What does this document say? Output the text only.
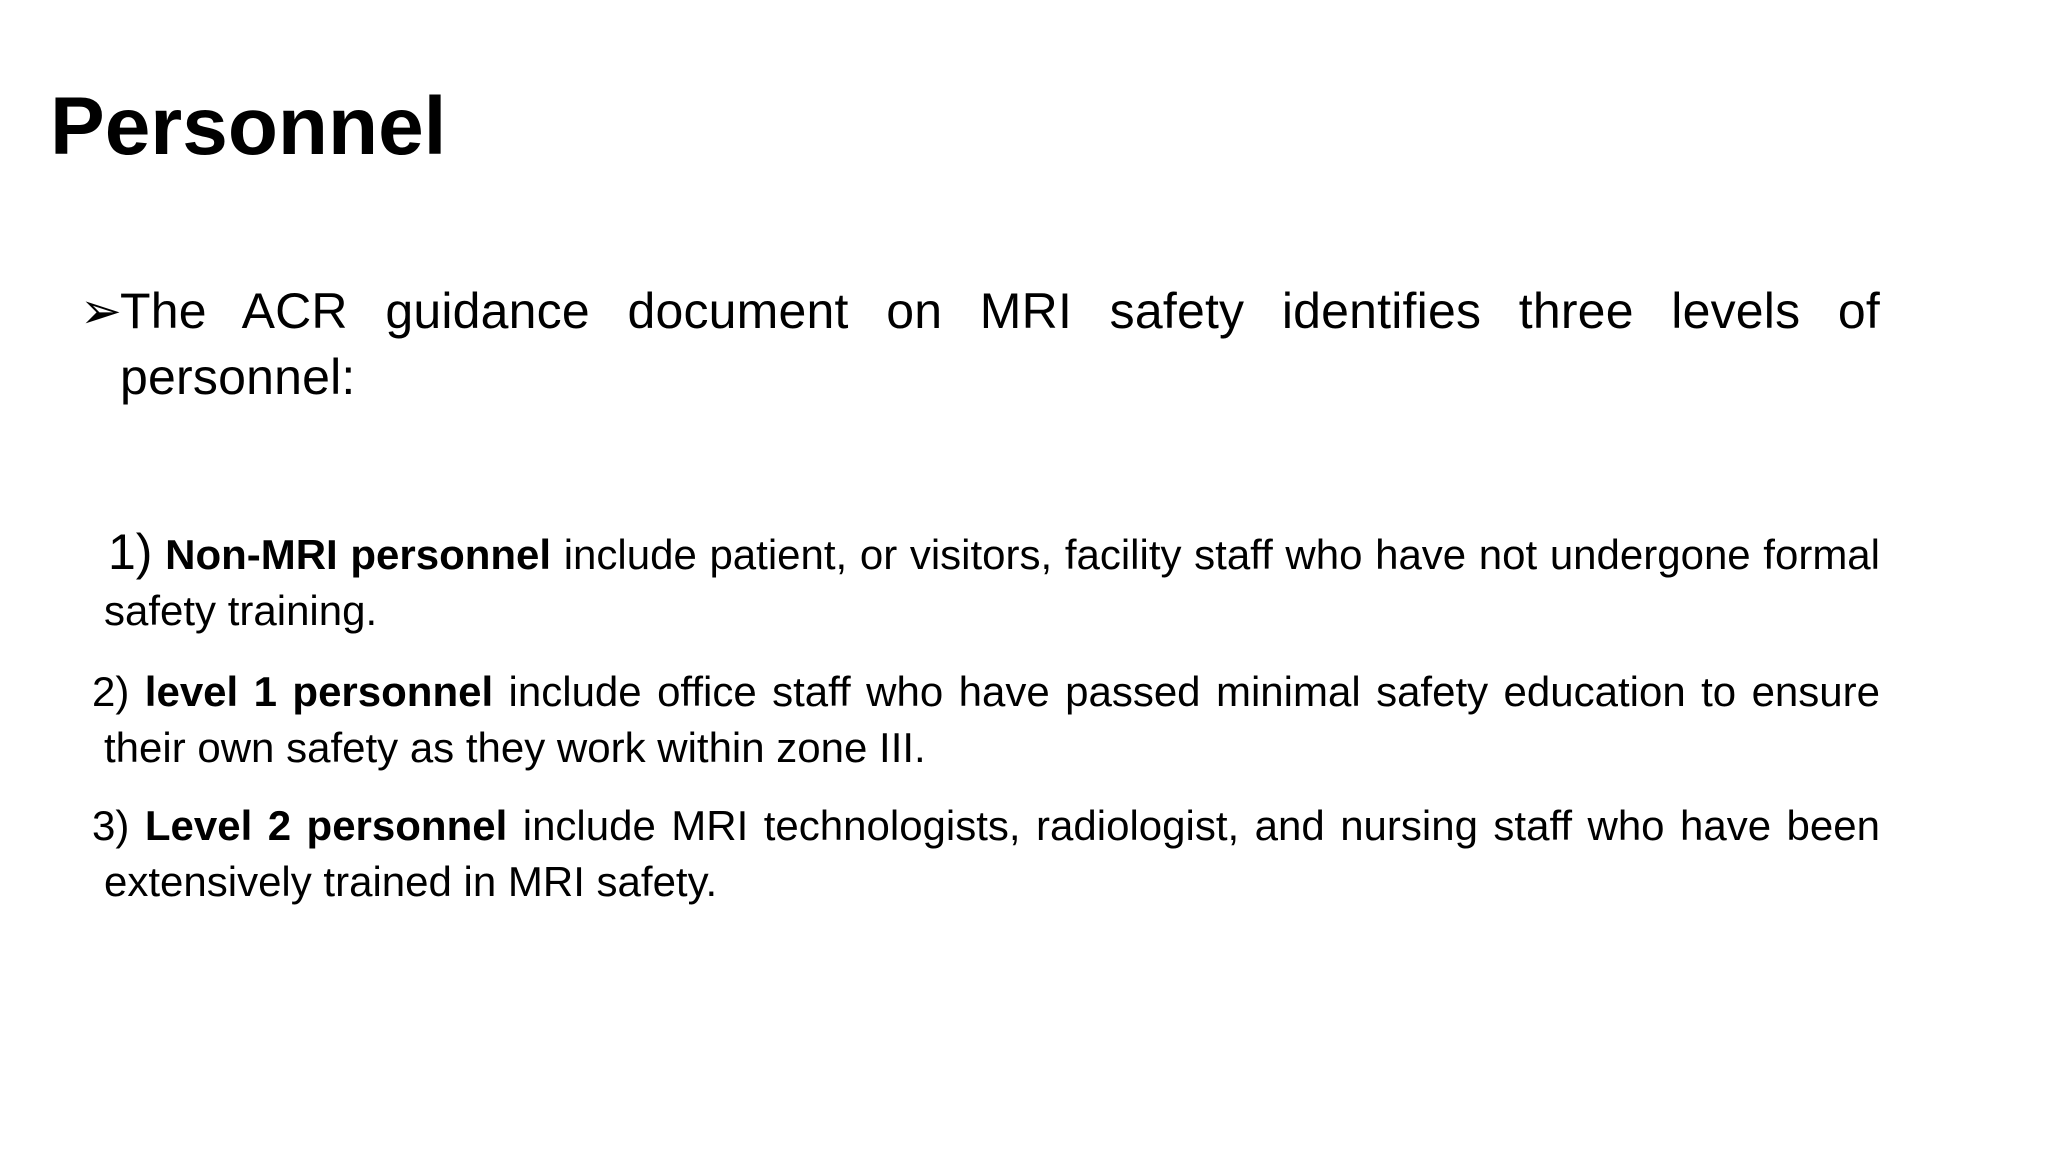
Personnel
➢
The ACR guidance document on MRI safety identifies three levels of personnel:
1) Non-MRI personnel include patient, or visitors, facility staff who have not undergone formal safety training.
2) level 1 personnel include office staff who have passed minimal safety education to ensure their own safety as they work within zone III.
3) Level 2 personnel include MRI technologists, radiologist, and nursing staff who have been extensively trained in MRI safety.
